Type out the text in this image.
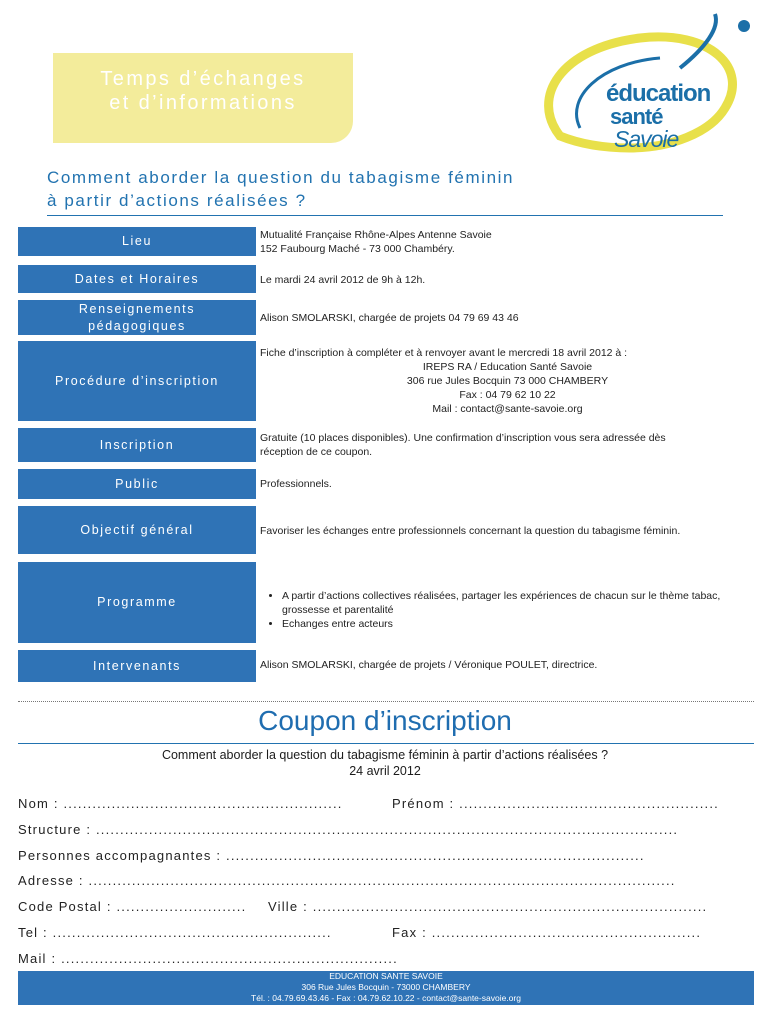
Temps d’échanges
et d’informations	éducation
santé
Savoie
Comment aborder la question du tabagisme féminin
à partir d’actions réalisées ?
Lieu	Mutualité Française Rhône-Alpes Antenne Savoie
152 Faubourg Maché - 73 000 Chambéry.
Dates et Horaires	Le mardi 24 avril 2012 de 9h à 12h.
Renseignements
pédagogiques
Alison SMOLARSKI, chargée de projets 04 79 69 43 46
Procédure d’inscription
Fiche d’inscription à compléter et à renvoyer avant le mercredi 18 avril 2012 à :
IREPS RA / Education Santé Savoie
306 rue Jules Bocquin 73 000 CHAMBERY
Fax : 04 79 62 10 22
Mail : contact@sante-savoie.org
Inscription	Gratuite (10 places disponibles). Une confirmation d’inscription vous sera adressée dès
réception de ce coupon.
Public	Professionnels.
Objectif général	Favoriser les échanges entre professionnels concernant la question du tabagisme féminin.
Programme
•	A partir d’actions collectives réalisées, partager les expériences de chacun sur le thème tabac, grossesse et parentalité
• Echanges entre acteurs
Intervenants	Alison SMOLARSKI, chargée de projets / Véronique POULET, directrice.
Coupon d’inscription
Comment aborder la question du tabagisme féminin à partir d’actions réalisées ?
24 avril 2012
Nom : ..........................................................	Prénom : ......................................................
Structure : .........................................................................................................................
Personnes accompagnantes : .......................................................................................
Adresse : ..........................................................................................................................
Code Postal : ........................... Ville : ..................................................................................
Tel : ..........................................................	Fax : ........................................................
Mail : ......................................................................
EDUCATION SANTE SAVOIE
306 Rue Jules Bocquin - 73000 CHAMBERY
Tél. : 04.79.69.43.46 - Fax : 04.79.62.10.22 - contact@sante-savoie.org
